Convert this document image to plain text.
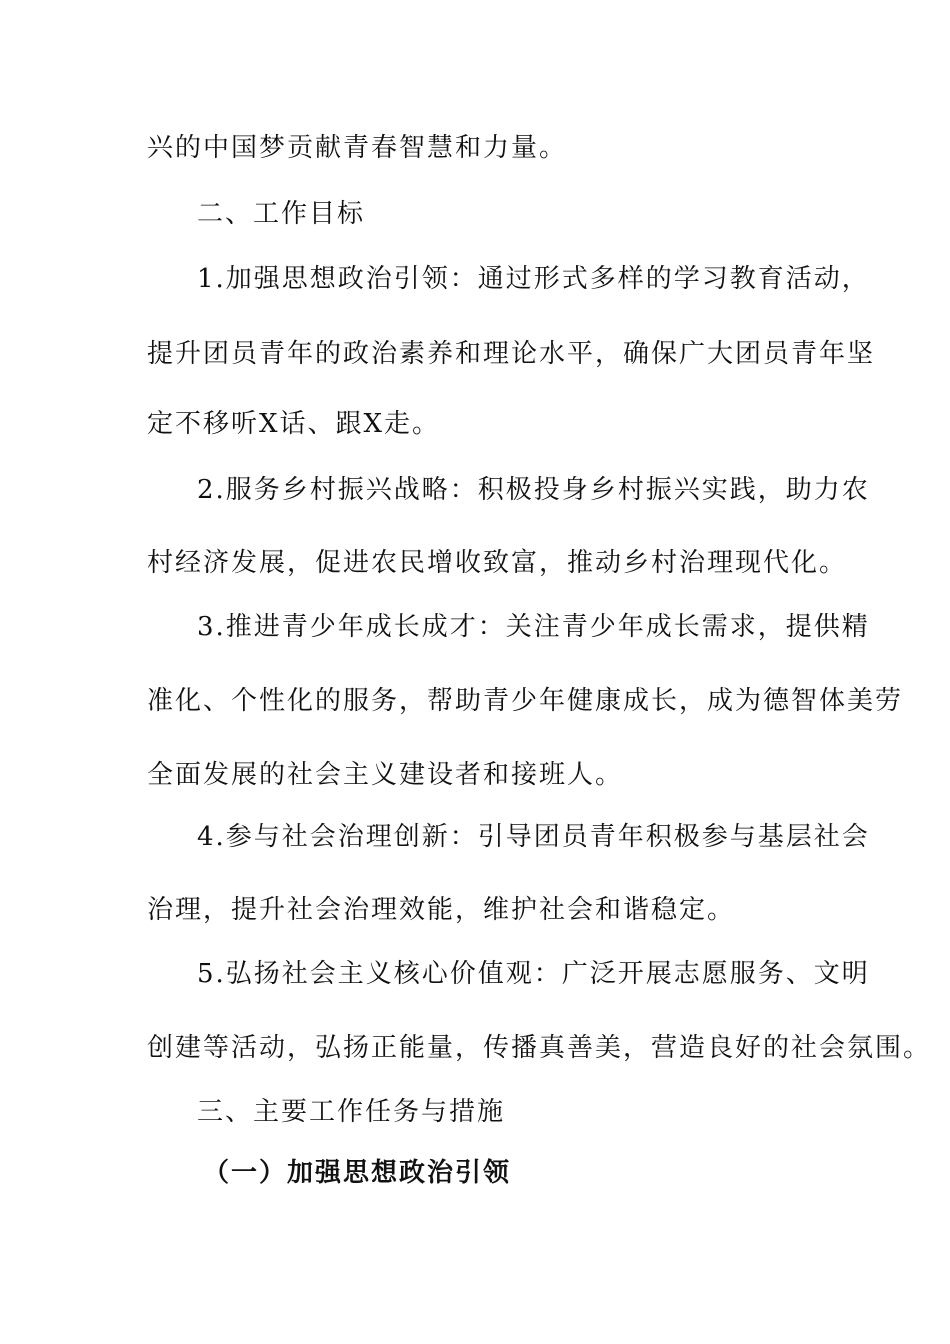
兴的中国梦贡献青春智慧和力量。
二、工作目标
1.加强思想政治引领：通过形式多样的学习教育活动，
提升团员青年的政治素养和理论水平，确保广大团员青年坚
定不移听X话、跟X走。
2.服务乡村振兴战略：积极投身乡村振兴实践，助力农
村经济发展，促进农民增收致富，推动乡村治理现代化。
3.推进青少年成长成才：关注青少年成长需求，提供精
准化、个性化的服务，帮助青少年健康成长，成为德智体美劳
全面发展的社会主义建设者和接班人。
4.参与社会治理创新：引导团员青年积极参与基层社会
治理，提升社会治理效能，维护社会和谐稳定。
5.弘扬社会主义核心价值观：广泛开展志愿服务、文明
创建等活动，弘扬正能量，传播真善美，营造良好的社会氛围。
三、主要工作任务与措施
（一）加强思想政治引领
